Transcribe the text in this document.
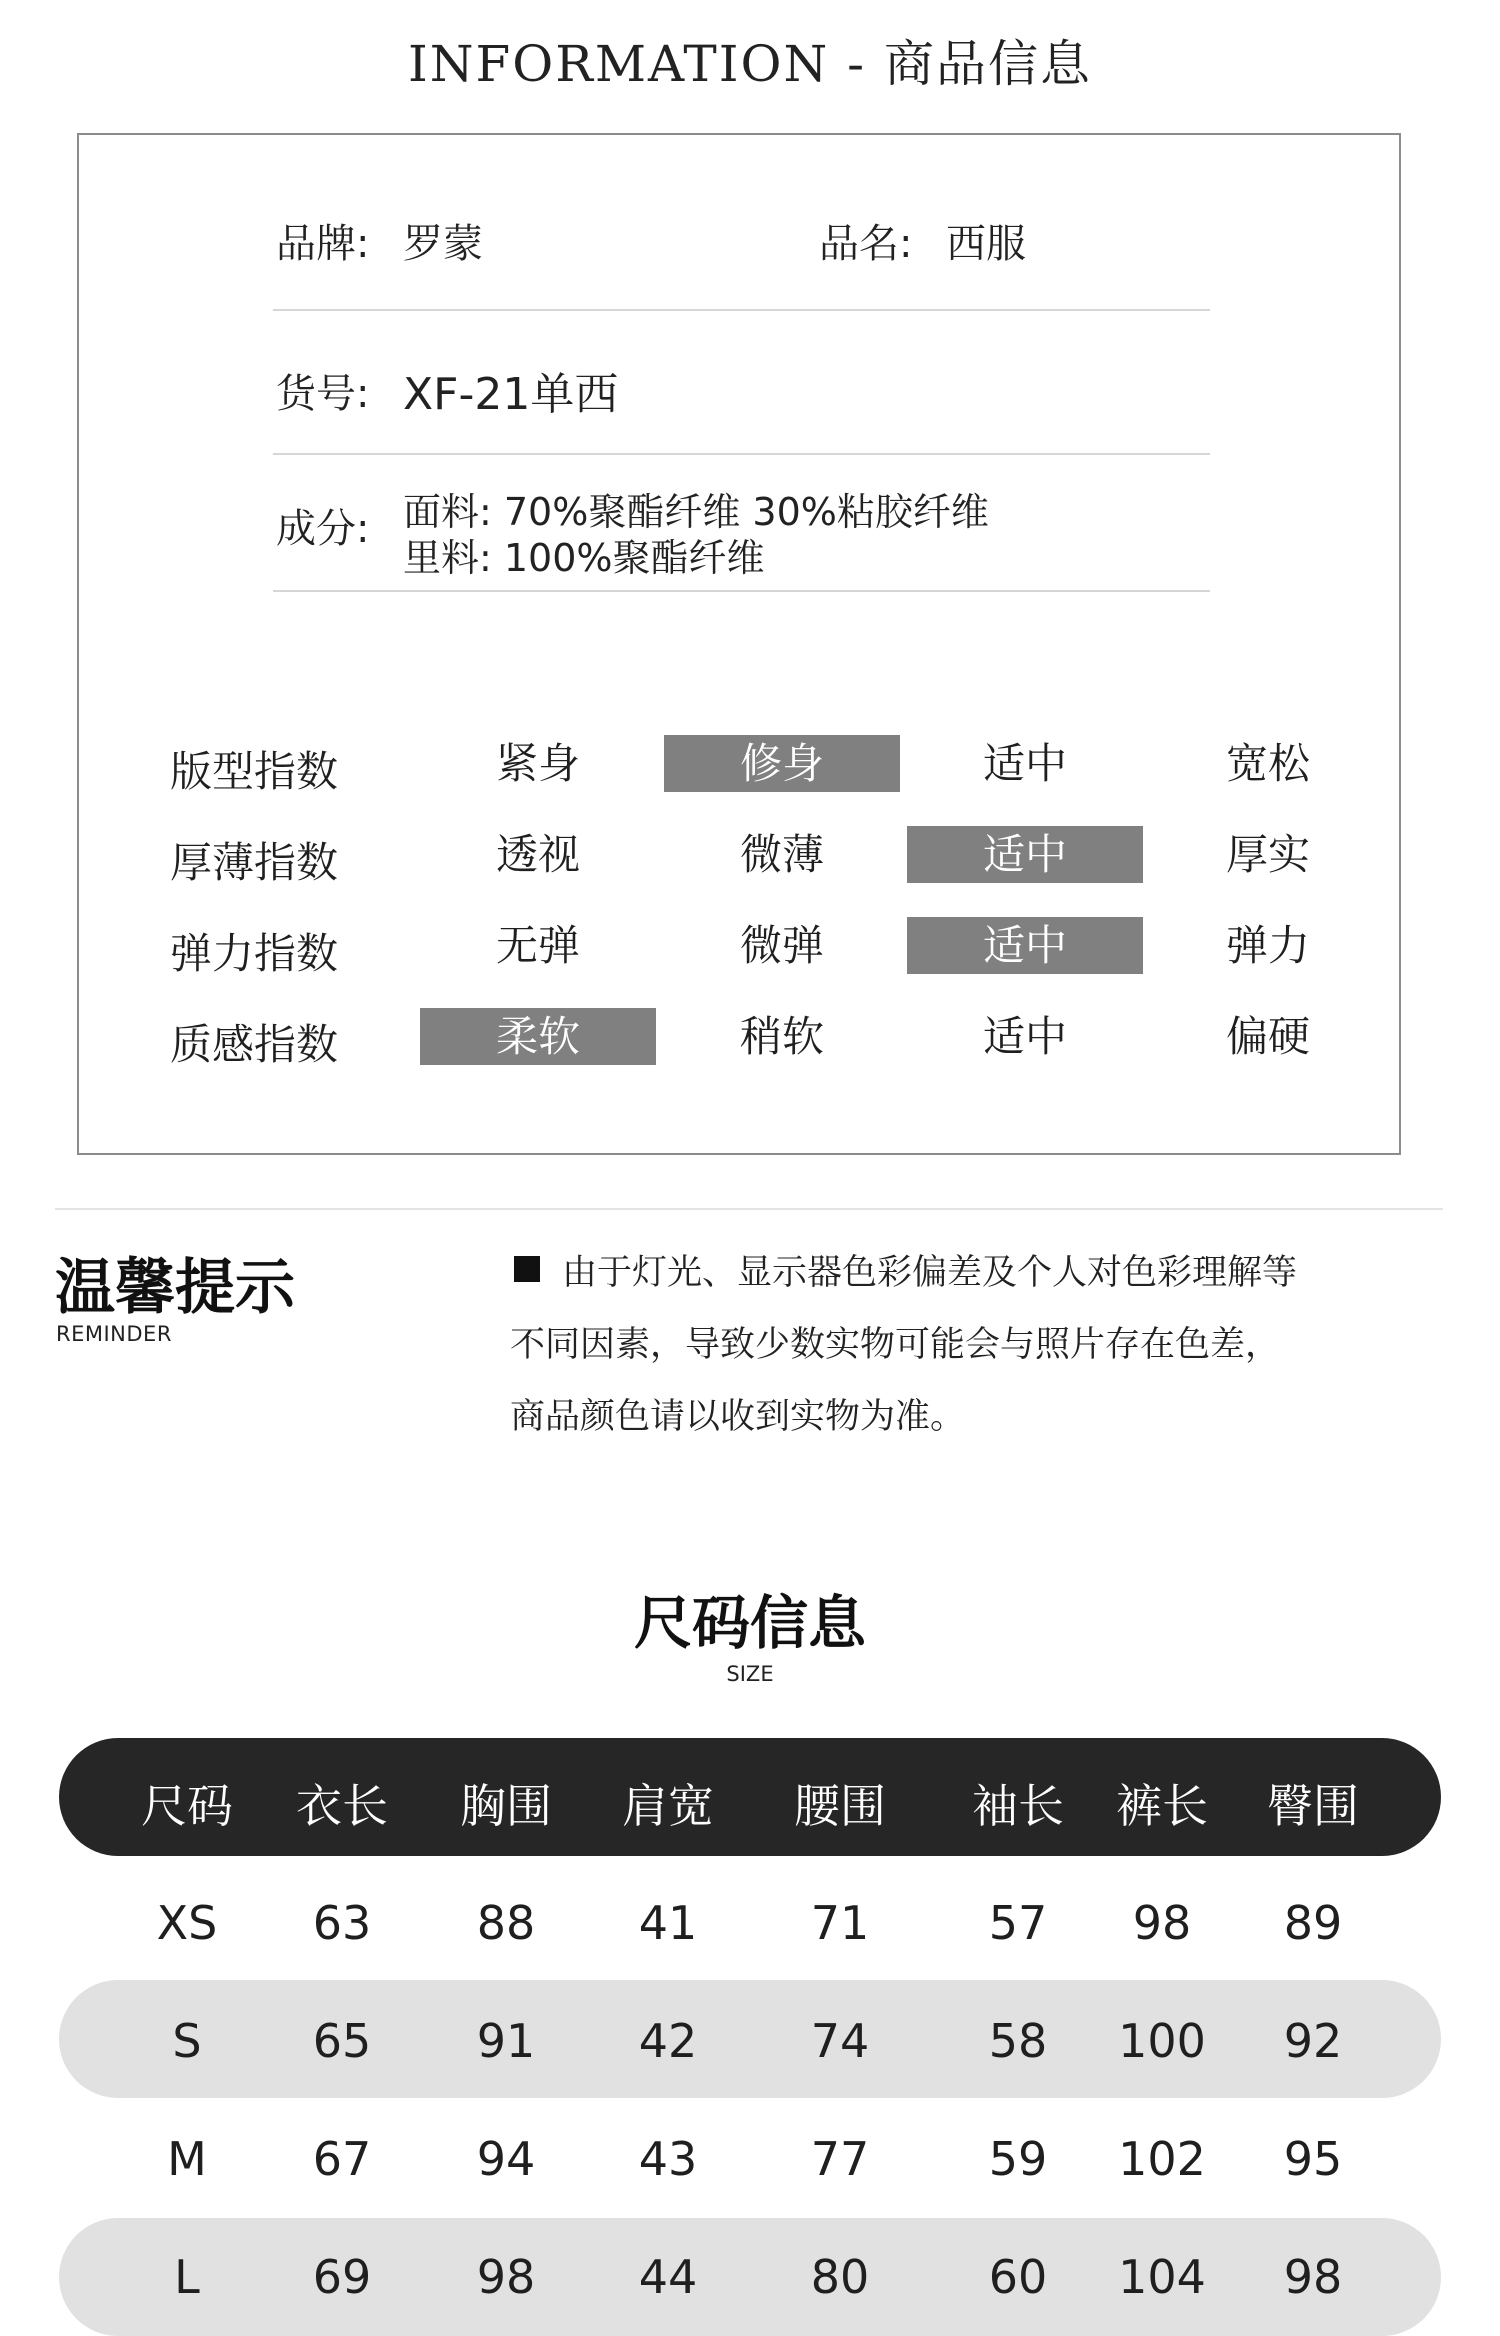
INFORMATION - 商品信息
品牌: 罗蒙	品名: 西服
货号: XF-21单西
成分: 面料: 70%聚酯纤维 30%粘胶纤维
里料: 100%聚酯纤维
版型指数	紧身	修身	适中	宽松
厚薄指数	透视	微薄	适中	厚实
弹力指数	无弹	微弹	适中	弹力
质感指数	柔软	稍软	适中	偏硬
温馨提示
REMINDER
由于灯光、显示器色彩偏差及个人对色彩理解等
不同因素，导致少数实物可能会与照片存在色差，
商品颜色请以收到实物为准。
尺码信息
SIZE
尺码	衣长	胸围	肩宽	腰围	袖长	裤长	臀围
XS	63	88	41	71	57	98	89
S	65	91	42	74	58	100	92
M	67	94	43	77	59	102	95
L	69	98	44	80	60	104	98
